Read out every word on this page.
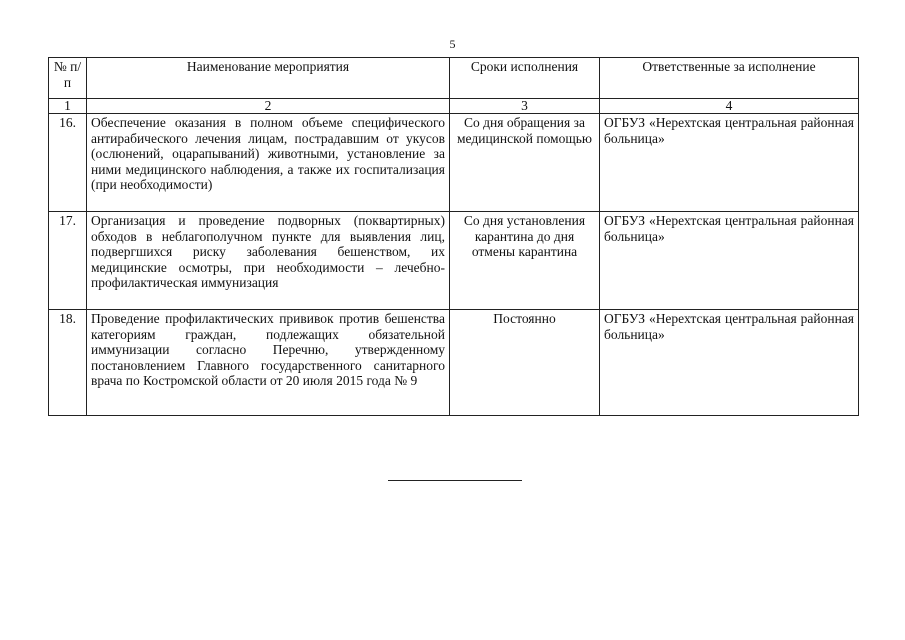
5
№ п/п	Наименование мероприятия	Сроки исполнения	Ответственные за исполнение
1	2	3	4
16.	Обеспечение оказания в полном объеме специфического антирабического лечения лицам, пострадавшим от укусов (ослюнений, оцарапываний) животными, установление за ними медицинского наблюдения, а также их госпитализация (при необходимости)	Со дня обращения за медицинской помощью	ОГБУЗ «Нерехтская центральная районная больница»
17.	Организация и проведение подворных (поквартирных) обходов в неблагополучном пункте для выявления лиц, подвергшихся риску заболевания бешенством, их медицинские осмотры, при необходимости – лечебно-профилактическая иммунизация	Со дня установления карантина до дня отмены карантина	ОГБУЗ «Нерехтская центральная районная больница»
18.	Проведение профилактических прививок против бешенства категориям граждан, подлежащих обязательной иммунизации согласно Перечню, утвержденному постановлением Главного государственного санитарного врача по Костромской области от 20 июля 2015 года № 9	Постоянно	ОГБУЗ «Нерехтская центральная районная больница»
